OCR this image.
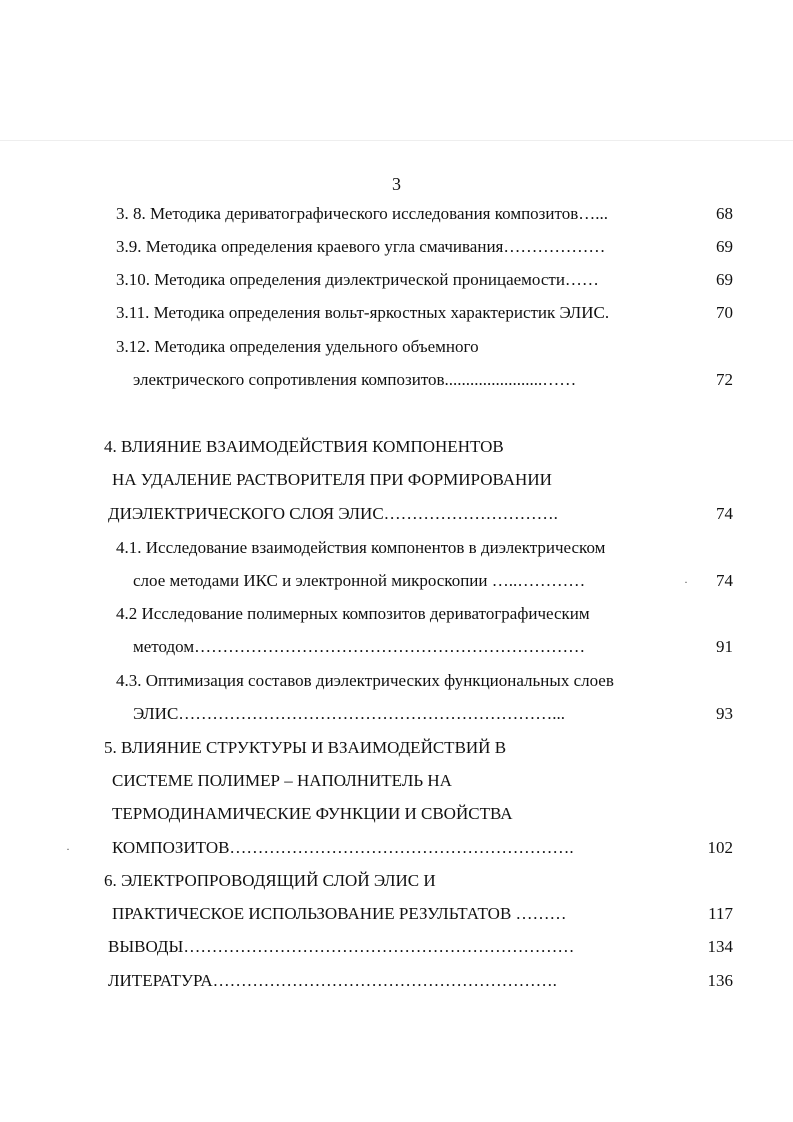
3
3. 8. Методика дериватографического исследования композитов…...	68
3.9. Методика определения краевого угла смачивания………………	69
3.10. Методика определения диэлектрической проницаемости……	69
3.11. Методика определения вольт-яркостных характеристик ЭЛИС.	70
3.12. Методика определения удельного объемного
электрического сопротивления композитов.......................……	72
4. ВЛИЯНИЕ ВЗАИМОДЕЙСТВИЯ КОМПОНЕНТОВ
НА УДАЛЕНИЕ РАСТВОРИТЕЛЯ ПРИ ФОРМИРОВАНИИ
ДИЭЛЕКТРИЧЕСКОГО СЛОЯ ЭЛИС………………………….	74
4.1. Исследование взаимодействия компонентов в диэлектрическом
слое методами ИКС и электронной микроскопии …..…………	·	74
4.2 Исследование полимерных композитов дериватографическим
методом……………………………………………………………	91
4.3. Оптимизация составов диэлектрических функциональных слоев
ЭЛИС…………………………………………………………...	93
5. ВЛИЯНИЕ СТРУКТУРЫ И ВЗАИМОДЕЙСТВИЙ В
СИСТЕМЕ ПОЛИМЕР – НАПОЛНИТЕЛЬ НА
ТЕРМОДИНАМИЧЕСКИЕ ФУНКЦИИ И СВОЙСТВА
· КОМПОЗИТОВ…………………………………………………….	102
6. ЭЛЕКТРОПРОВОДЯЩИЙ СЛОЙ ЭЛИС И
ПРАКТИЧЕСКОЕ ИСПОЛЬЗОВАНИЕ РЕЗУЛЬТАТОВ ………	117
ВЫВОДЫ……………………………………………………………	134
ЛИТЕРАТУРА…………………………………………………….	136
